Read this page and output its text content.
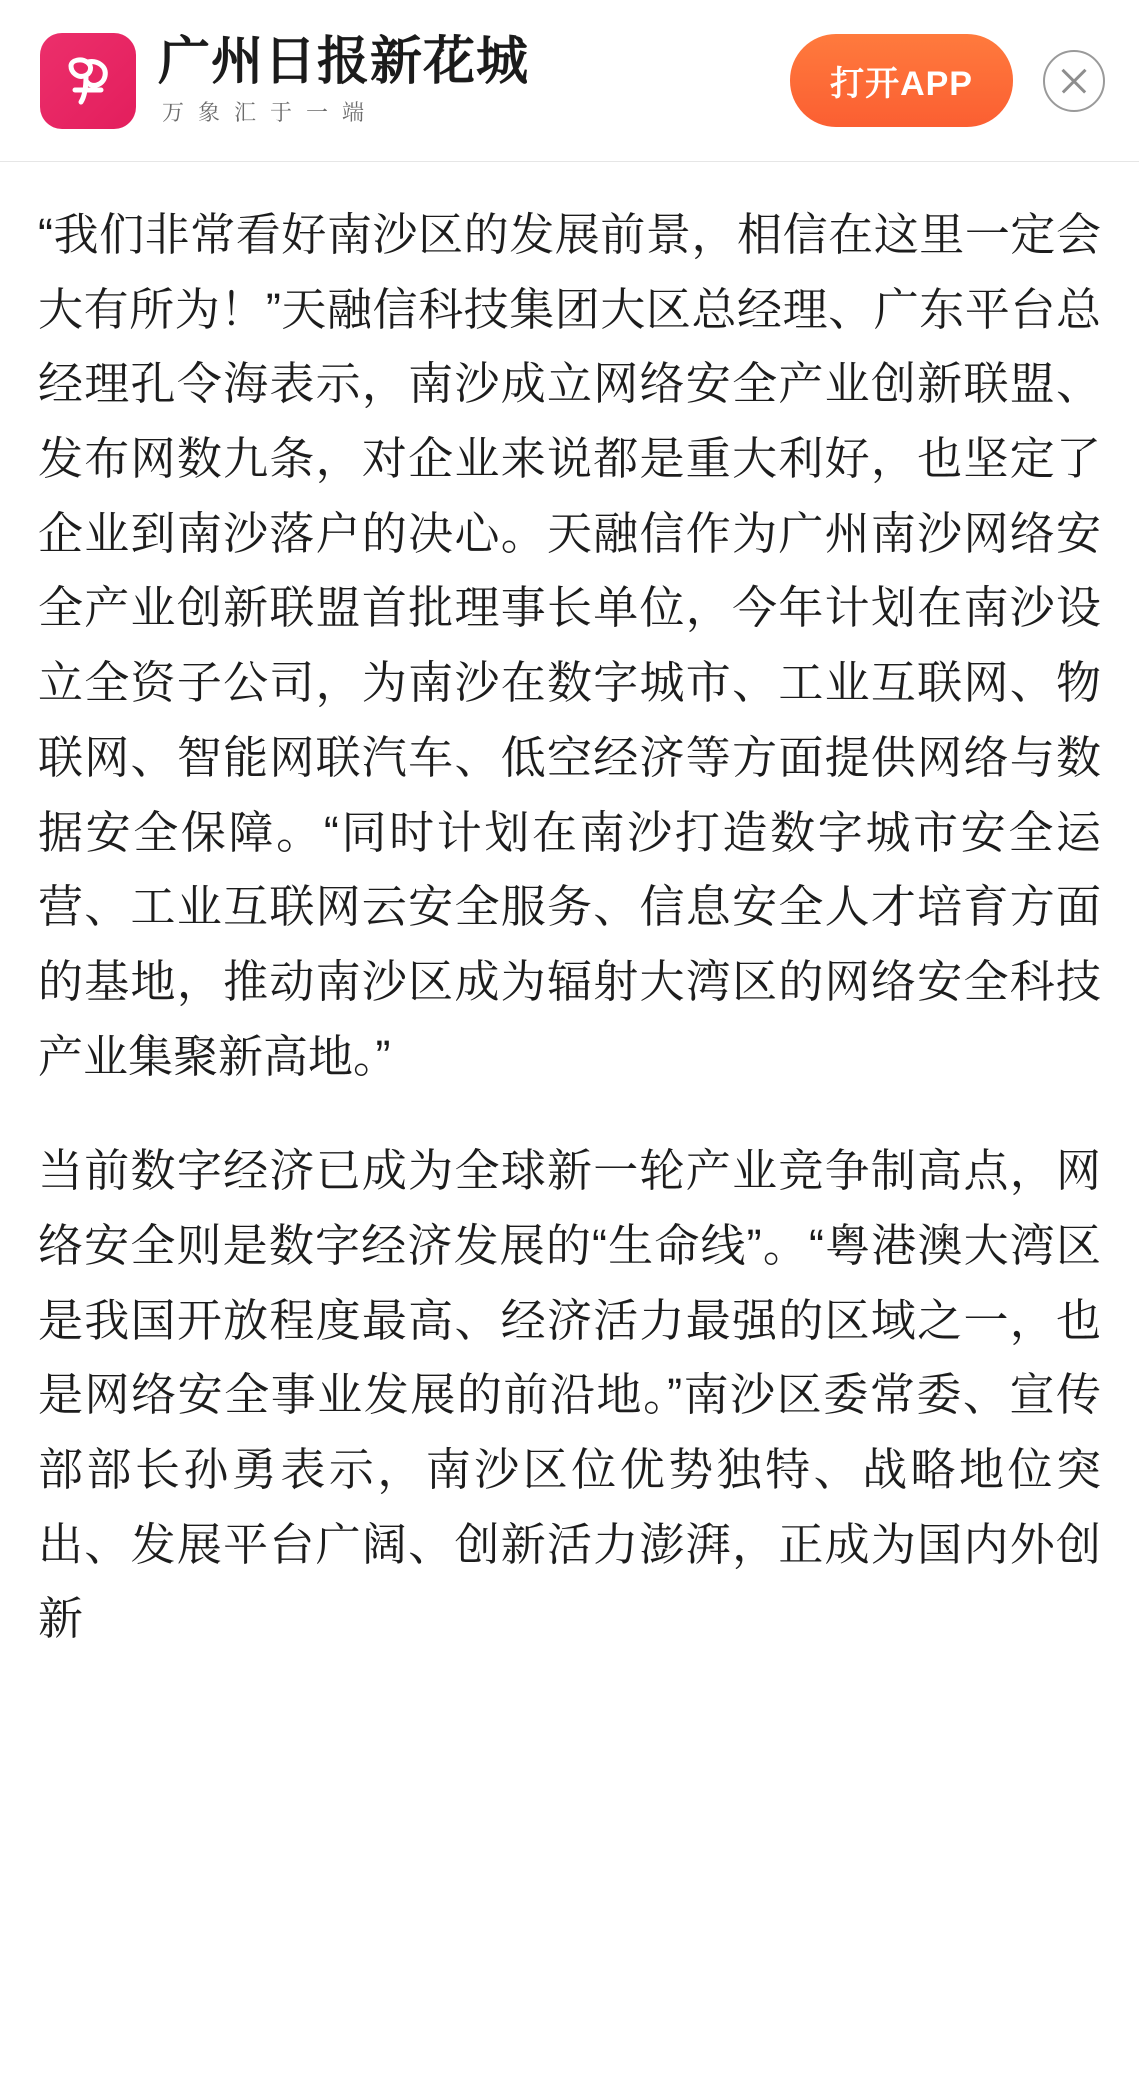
广州日报新花城
万象汇于一端
打开APP

“我们非常看好南沙区的发展前景，相信在这里一定会大有所为！”天融信科技集团大区总经理、广东平台总经理孔令海表示，南沙成立网络安全产业创新联盟、发布网数九条，对企业来说都是重大利好，也坚定了企业到南沙落户的决心。天融信作为广州南沙网络安全产业创新联盟首批理事长单位，今年计划在南沙设立全资子公司，为南沙在数字城市、工业互联网、物联网、智能网联汽车、低空经济等方面提供网络与数据安全保障。“同时计划在南沙打造数字城市安全运营、工业互联网云安全服务、信息安全人才培育方面的基地，推动南沙区成为辐射大湾区的网络安全科技产业集聚新高地。”

当前数字经济已成为全球新一轮产业竞争制高点，网络安全则是数字经济发展的“生命线”。“粤港澳大湾区是我国开放程度最高、经济活力最强的区域之一，也是网络安全事业发展的前沿地。”南沙区委常委、宣传部部长孙勇表示，南沙区位优势独特、战略地位突出、发展平台广阔、创新活力澎湃，正成为国内外创新
